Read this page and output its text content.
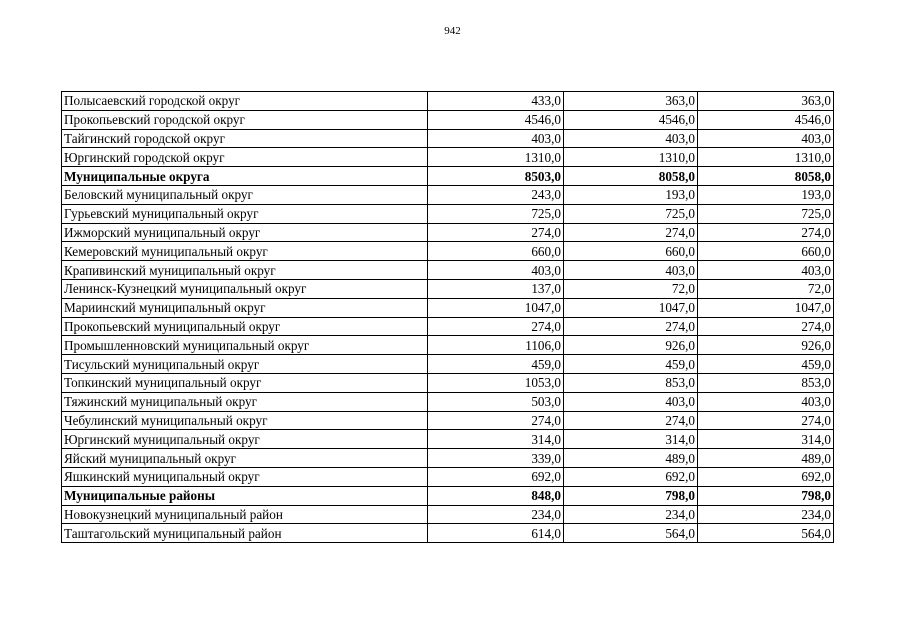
942
Полысаевский городской округ	433,0	363,0	363,0
Прокопьевский городской округ	4546,0	4546,0	4546,0
Тайгинский городской округ	403,0	403,0	403,0
Юргинский городской округ	1310,0	1310,0	1310,0
Муниципальные округа	8503,0	8058,0	8058,0
Беловский муниципальный округ	243,0	193,0	193,0
Гурьевский муниципальный округ	725,0	725,0	725,0
Ижморский муниципальный округ	274,0	274,0	274,0
Кемеровский муниципальный округ	660,0	660,0	660,0
Крапивинский муниципальный округ	403,0	403,0	403,0
Ленинск-Кузнецкий муниципальный округ	137,0	72,0	72,0
Мариинский муниципальный округ	1047,0	1047,0	1047,0
Прокопьевский муниципальный округ	274,0	274,0	274,0
Промышленновский муниципальный округ	1106,0	926,0	926,0
Тисульский муниципальный округ	459,0	459,0	459,0
Топкинский муниципальный округ	1053,0	853,0	853,0
Тяжинский муниципальный округ	503,0	403,0	403,0
Чебулинский муниципальный округ	274,0	274,0	274,0
Юргинский муниципальный округ	314,0	314,0	314,0
Яйский муниципальный округ	339,0	489,0	489,0
Яшкинский муниципальный округ	692,0	692,0	692,0
Муниципальные районы	848,0	798,0	798,0
Новокузнецкий муниципальный район	234,0	234,0	234,0
Таштагольский муниципальный район	614,0	564,0	564,0
